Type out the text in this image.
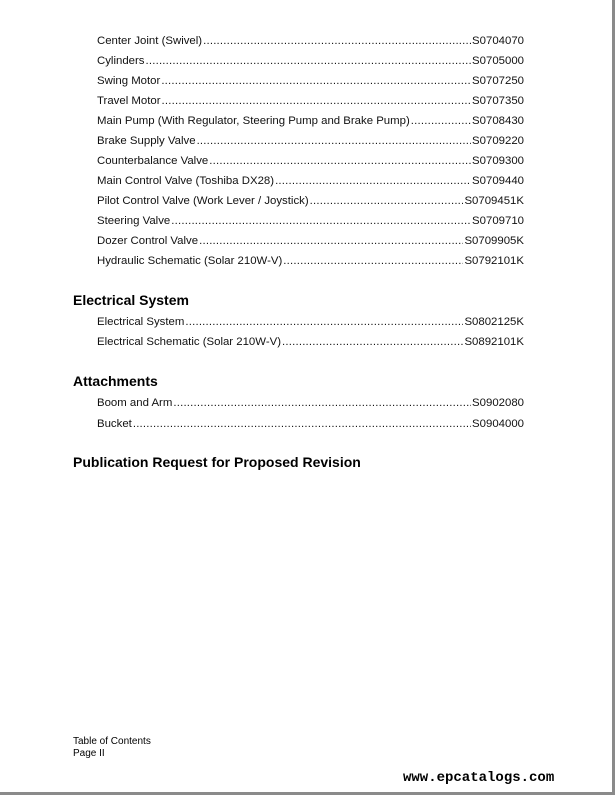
Center Joint (Swivel) .....	S0704070
Cylinders .....	S0705000
Swing Motor .....	S0707250
Travel Motor .....	S0707350
Main Pump (With Regulator, Steering Pump and Brake Pump) .....	S0708430
Brake Supply Valve .....	S0709220
Counterbalance Valve .....	S0709300
Main Control Valve (Toshiba DX28) .....	S0709440
Pilot Control Valve (Work Lever / Joystick) .....	S0709451K
Steering Valve .....	S0709710
Dozer Control Valve .....	S0709905K
Hydraulic Schematic (Solar 210W-V) .....	S0792101K
Electrical System
Electrical System .....	S0802125K
Electrical Schematic (Solar 210W-V) .....	S0892101K
Attachments
Boom and Arm .....	S0902080
Bucket .....	S0904000
Publication Request for Proposed Revision
Table of Contents
Page II
www.epcatalogs.com
